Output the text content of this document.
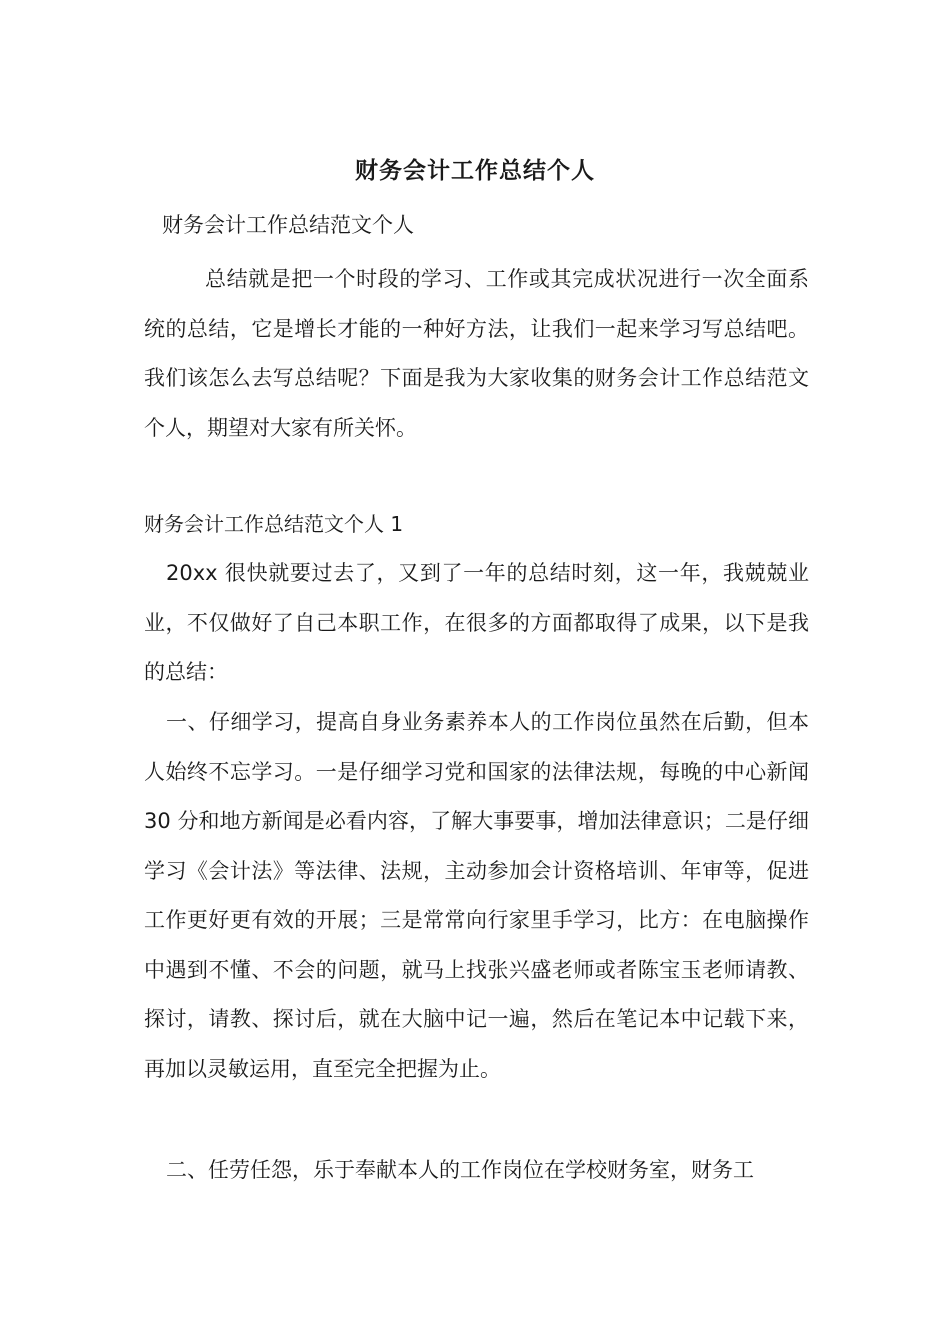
财务会计工作总结个人
财务会计工作总结范文个人

总结就是把一个时段的学习、工作或其完成状况进行一次全面系统的总结，它是增长才能的一种好方法，让我们一起来学习写总结吧。我们该怎么去写总结呢？下面是我为大家收集的财务会计工作总结范文个人，期望对大家有所关怀。

财务会计工作总结范文个人 1

20xx 很快就要过去了，又到了一年的总结时刻，这一年，我兢兢业业，不仅做好了自己本职工作，在很多的方面都取得了成果，以下是我的总结：

一、仔细学习，提高自身业务素养本人的工作岗位虽然在后勤，但本人始终不忘学习。一是仔细学习党和国家的法律法规，每晚的中心新闻 30 分和地方新闻是必看内容，了解大事要事，增加法律意识；二是仔细学习《会计法》等法律、法规，主动参加会计资格培训、年审等，促进工作更好更有效的开展；三是常常向行家里手学习，比方：在电脑操作中遇到不懂、不会的问题，就马上找张兴盛老师或者陈宝玉老师请教、探讨，请教、探讨后，就在大脑中记一遍，然后在笔记本中记载下来，再加以灵敏运用，直至完全把握为止。

二、任劳任怨，乐于奉献本人的工作岗位在学校财务室，财务工
